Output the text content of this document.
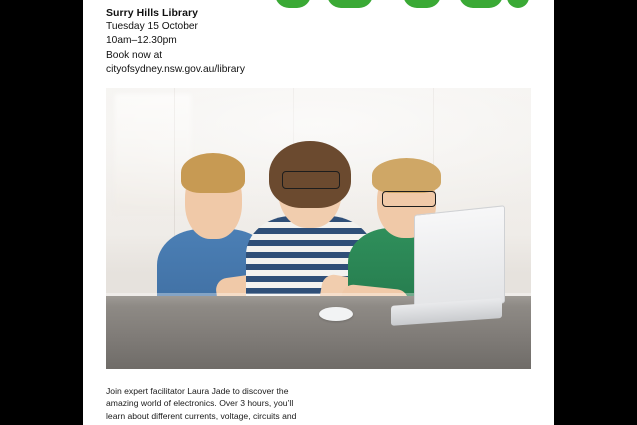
Surry Hills Library
Tuesday 15 October
10am–12.30pm
Book now at
cityofsydney.nsw.gov.au/library
Join expert facilitator Laura Jade to discover the
amazing world of electronics. Over 3 hours, you’ll
learn about different currents, voltage, circuits and
